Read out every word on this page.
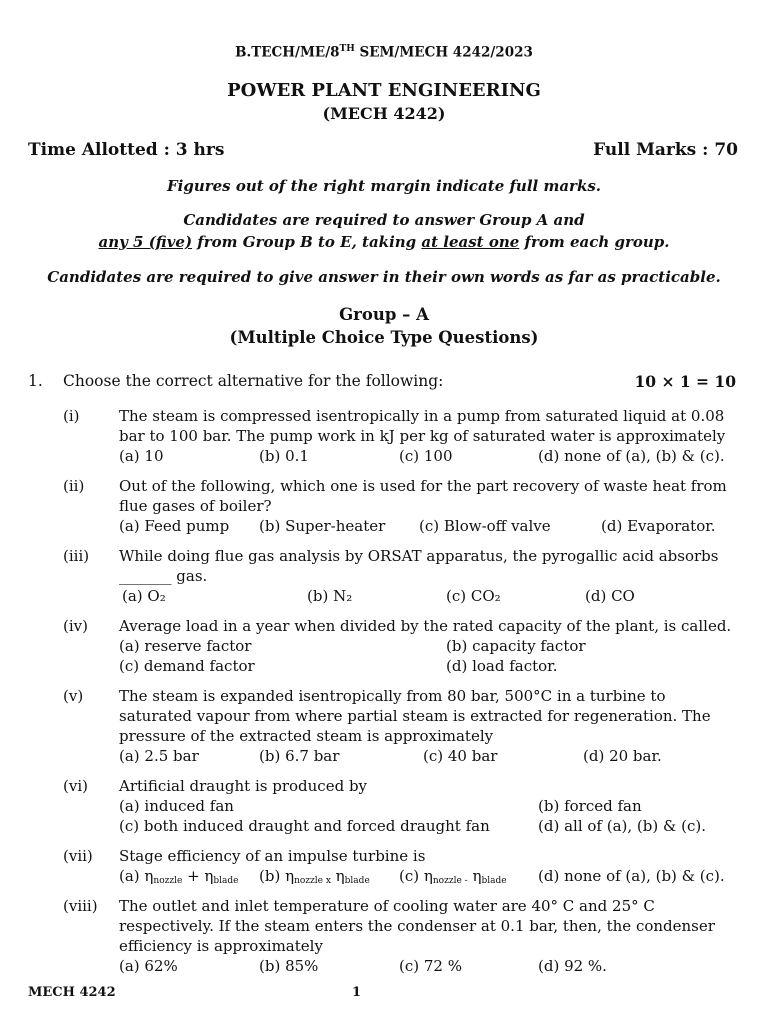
B.TECH/ME/8TH SEM/MECH 4242/2023
POWER PLANT ENGINEERING
(MECH 4242)
Time Allotted : 3 hrs	Full Marks : 70
Figures out of the right margin indicate full marks.
Candidates are required to answer Group A and
any 5 (five) from Group B to E, taking at least one from each group.
Candidates are required to give answer in their own words as far as practicable.
Group – A
(Multiple Choice Type Questions)
1. Choose the correct alternative for the following:	10 × 1 = 10
(i)	The steam is compressed isentropically in a pump from saturated liquid at 0.08
bar to 100 bar. The pump work in kJ per kg of saturated water is approximately
(a) 10	(b) 0.1	(c) 100	(d) none of (a), (b) & (c).
(ii) Out of the following, which one is used for the part recovery of waste heat from
flue gases of boiler?
(a) Feed pump (b) Super-heater (c) Blow-off valve	(d) Evaporator.
(iii) While doing flue gas analysis by ORSAT apparatus, the pyrogallic acid absorbs
_______ gas.
(a) O₂	(b) N₂	(c) CO₂	(d) CO
(iv) Average load in a year when divided by the rated capacity of the plant, is called.
(a) reserve factor	(b) capacity factor
(c) demand factor	(d) load factor.
(v) The steam is expanded isentropically from 80 bar, 500°C in a turbine to
saturated vapour from where partial steam is extracted for regeneration. The
pressure of the extracted steam is approximately
(a) 2.5 bar	(b) 6.7 bar	(c) 40 bar	(d) 20 bar.
(vi) Artificial draught is produced by
(a) induced fan	(b) forced fan
(c) both induced draught and forced draught fan	(d) all of (a), (b) & (c).
(vii) Stage efficiency of an impulse turbine is
(a) $\eta_{nozzle} + \eta_{blade}$ (b) $\eta_{nozzle x}$ $\eta_{blade}$ (c) $\eta_{nozzle -}$ $\eta_{blade}$ (d) none of (a), (b) & (c).
(viii) The outlet and inlet temperature of cooling water are 40° C and 25° C
respectively. If the steam enters the condenser at 0.1 bar, then, the condenser
efficiency is approximately
(a) 62%	(b) 85%	(c) 72 %	(d) 92 %.
MECH 4242	1
